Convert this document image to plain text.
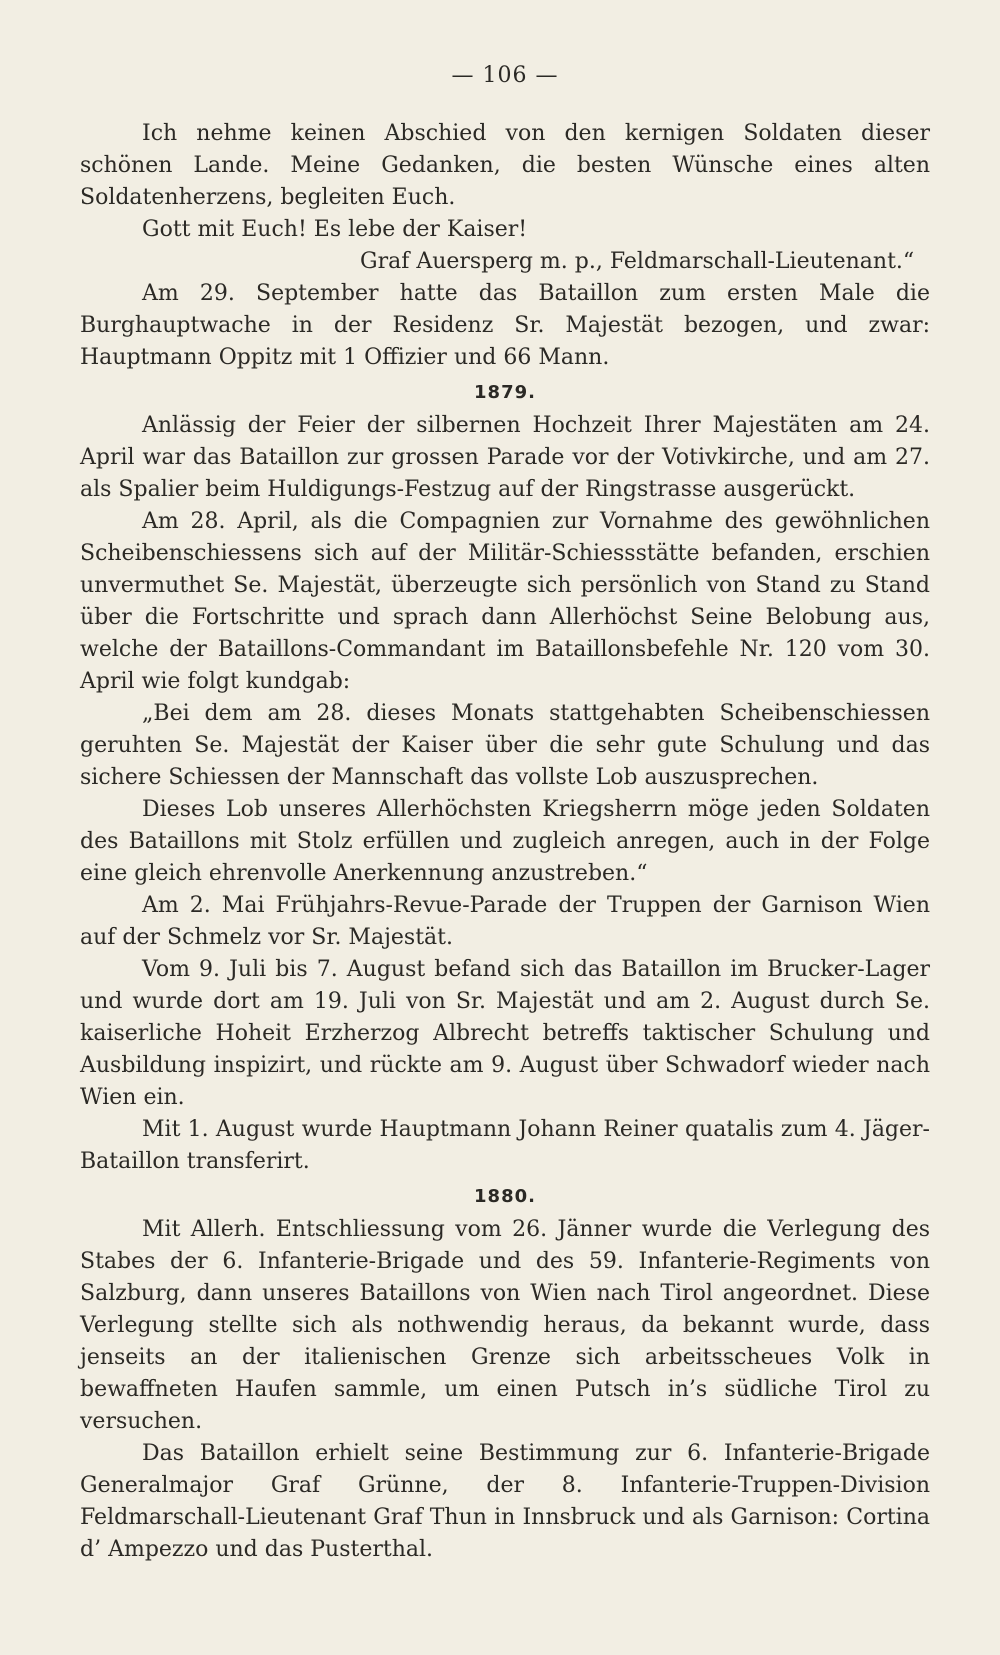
— 106 —

Ich nehme keinen Abschied von den kernigen Soldaten dieser schönen Lande. Meine Gedanken, die besten Wünsche eines alten Soldatenherzens, begleiten Euch.

Gott mit Euch! Es lebe der Kaiser!

Graf Auersperg m. p., Feldmarschall-Lieutenant.“

Am 29. September hatte das Bataillon zum ersten Male die Burghauptwache in der Residenz Sr. Majestät bezogen, und zwar: Hauptmann Oppitz mit 1 Offizier und 66 Mann.

1879.

Anlässig der Feier der silbernen Hochzeit Ihrer Majestäten am 24. April war das Bataillon zur grossen Parade vor der Votivkirche, und am 27. als Spalier beim Huldigungs-Festzug auf der Ringstrasse ausgerückt.

Am 28. April, als die Compagnien zur Vornahme des gewöhnlichen Scheibenschiessens sich auf der Militär-Schiessstätte befanden, erschien unvermuthet Se. Majestät, überzeugte sich persönlich von Stand zu Stand über die Fortschritte und sprach dann Allerhöchst Seine Belobung aus, welche der Bataillons-Commandant im Bataillonsbefehle Nr. 120 vom 30. April wie folgt kundgab:

„Bei dem am 28. dieses Monats stattgehabten Scheibenschiessen geruhten Se. Majestät der Kaiser über die sehr gute Schulung und das sichere Schiessen der Mannschaft das vollste Lob auszusprechen.

Dieses Lob unseres Allerhöchsten Kriegsherrn möge jeden Soldaten des Bataillons mit Stolz erfüllen und zugleich anregen, auch in der Folge eine gleich ehrenvolle Anerkennung anzustreben.“

Am 2. Mai Frühjahrs-Revue-Parade der Truppen der Garnison Wien auf der Schmelz vor Sr. Majestät.

Vom 9. Juli bis 7. August befand sich das Bataillon im Brucker-Lager und wurde dort am 19. Juli von Sr. Majestät und am 2. August durch Se. kaiserliche Hoheit Erzherzog Albrecht betreffs taktischer Schulung und Ausbildung inspizirt, und rückte am 9. August über Schwadorf wieder nach Wien ein.

Mit 1. August wurde Hauptmann Johann Reiner quatalis zum 4. Jäger-Bataillon transferirt.

1880.

Mit Allerh. Entschliessung vom 26. Jänner wurde die Verlegung des Stabes der 6. Infanterie-Brigade und des 59. Infanterie-Regiments von Salzburg, dann unseres Bataillons von Wien nach Tirol angeordnet. Diese Verlegung stellte sich als nothwendig heraus, da bekannt wurde, dass jenseits an der italienischen Grenze sich arbeitsscheues Volk in bewaffneten Haufen sammle, um einen Putsch in’s südliche Tirol zu versuchen.

Das Bataillon erhielt seine Bestimmung zur 6. Infanterie-Brigade Generalmajor Graf Grünne, der 8. Infanterie-Truppen-Division Feldmarschall-Lieutenant Graf Thun in Innsbruck und als Garnison: Cortina d’ Ampezzo und das Pusterthal.
